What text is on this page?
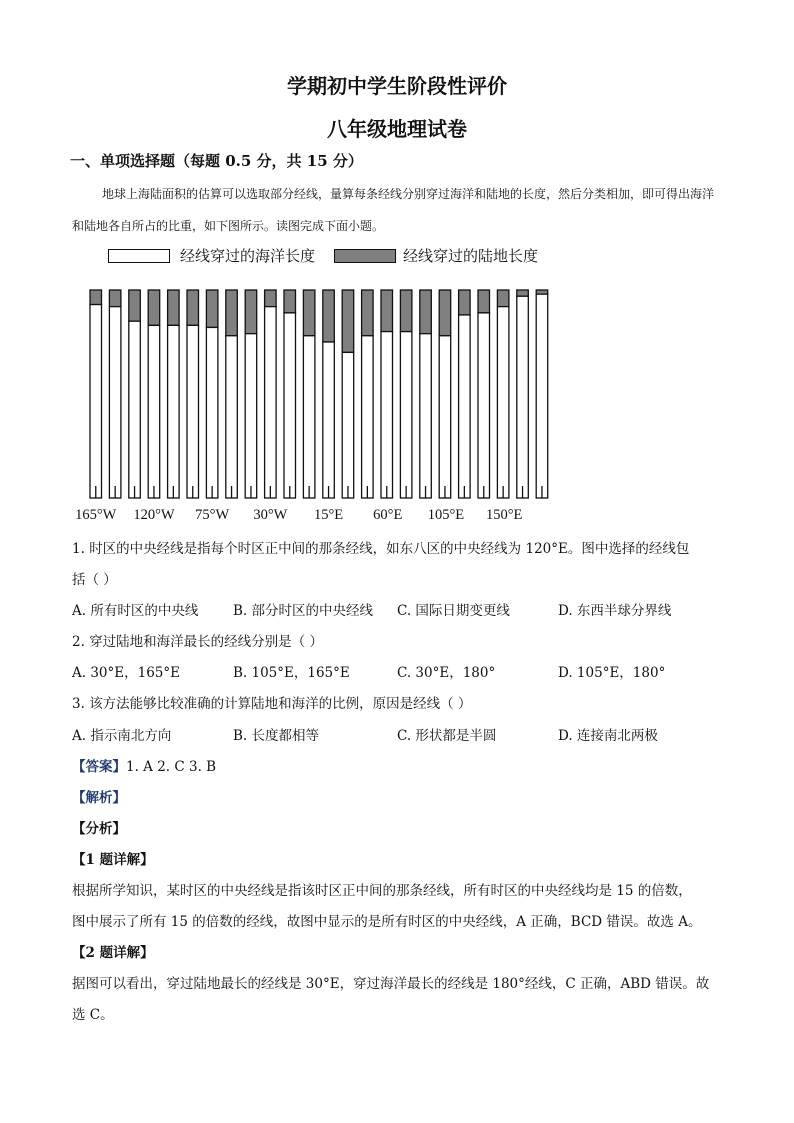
学期初中学生阶段性评价
八年级地理试卷
一、单项选择题（每题 0.5 分，共 15 分）
地球上海陆面积的估算可以选取部分经线，量算每条经线分别穿过海洋和陆地的长度，然后分类相加，即可得出海洋和陆地各自所占的比重，如下图所示。读图完成下面小题。
经线穿过的海洋长度	经线穿过的陆地长度
165°W 120°W 75°W 30°W 15°E 60°E 105°E 150°E
1. 时区的中央经线是指每个时区正中间的那条经线，如东八区的中央经线为 120°E。图中选择的经线包
括（ ）
A. 所有时区的中央线	B. 部分时区的中央经线 C. 国际日期变更线	D. 东西半球分界线
2. 穿过陆地和海洋最长的经线分别是（ ）
A. 30°E，165°E	B. 105°E，165°E	C. 30°E，180°	D. 105°E，180°
3. 该方法能够比较准确的计算陆地和海洋的比例，原因是经线（ ）
A. 指示南北方向	B. 长度都相等	C. 形状都是半圆	D. 连接南北两极
【答案】1. A 2. C 3. B
【解析】
【分析】
【1 题详解】
根据所学知识，某时区的中央经线是指该时区正中间的那条经线，所有时区的中央经线均是 15 的倍数，
图中展示了所有 15 的倍数的经线，故图中显示的是所有时区的中央经线，A 正确，BCD 错误。故选 A。
【2 题详解】
据图可以看出，穿过陆地最长的经线是 30°E，穿过海洋最长的经线是 180°经线，C 正确，ABD 错误。故
选 C。
